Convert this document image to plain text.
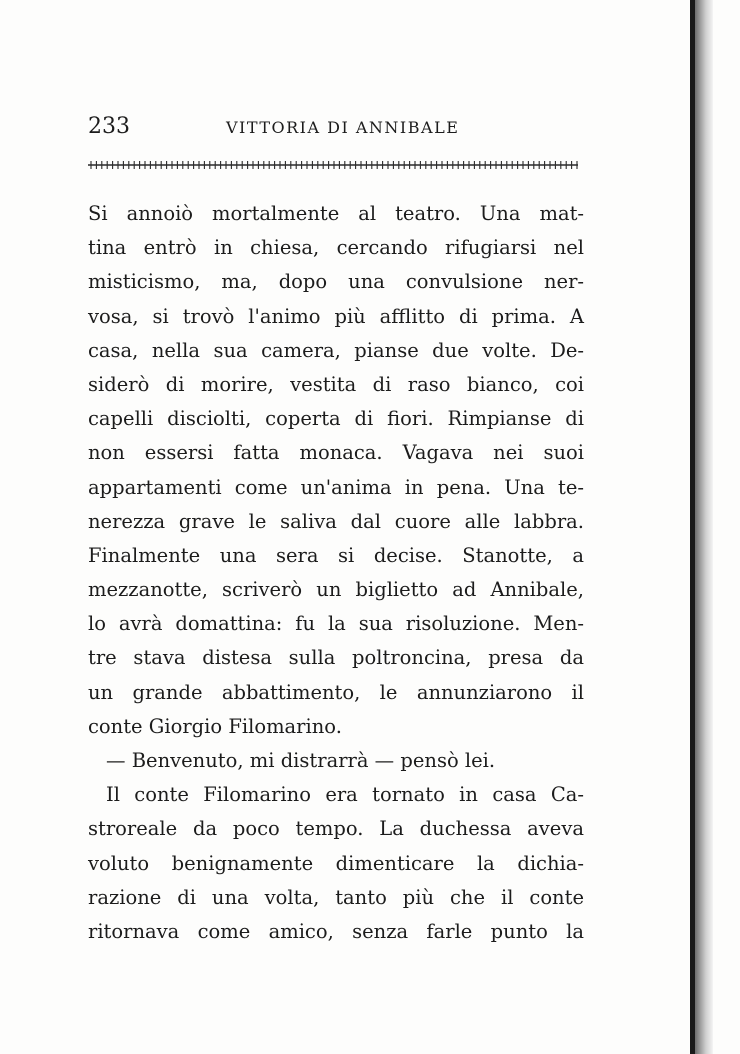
233	VITTORIA DI ANNIBALE
Si annoiò mortalmente al teatro. Una mat-
tina entrò in chiesa, cercando rifugiarsi nel
misticismo, ma, dopo una convulsione ner-
vosa, si trovò l'animo più afflitto di prima. A
casa, nella sua camera, pianse due volte. De-
siderò di morire, vestita di raso bianco, coi
capelli disciolti, coperta di fiori. Rimpianse di
non essersi fatta monaca. Vagava nei suoi
appartamenti come un'anima in pena. Una te-
nerezza grave le saliva dal cuore alle labbra.
Finalmente una sera si decise. Stanotte, a
mezzanotte, scriverò un biglietto ad Annibale,
lo avrà domattina: fu la sua risoluzione. Men-
tre stava distesa sulla poltroncina, presa da
un grande abbattimento, le annunziarono il
conte Giorgio Filomarino.
— Benvenuto, mi distrarrà — pensò lei.
Il conte Filomarino era tornato in casa Ca-
stroreale da poco tempo. La duchessa aveva
voluto benignamente dimenticare la dichia-
razione di una volta, tanto più che il conte
ritornava come amico, senza farle punto la
